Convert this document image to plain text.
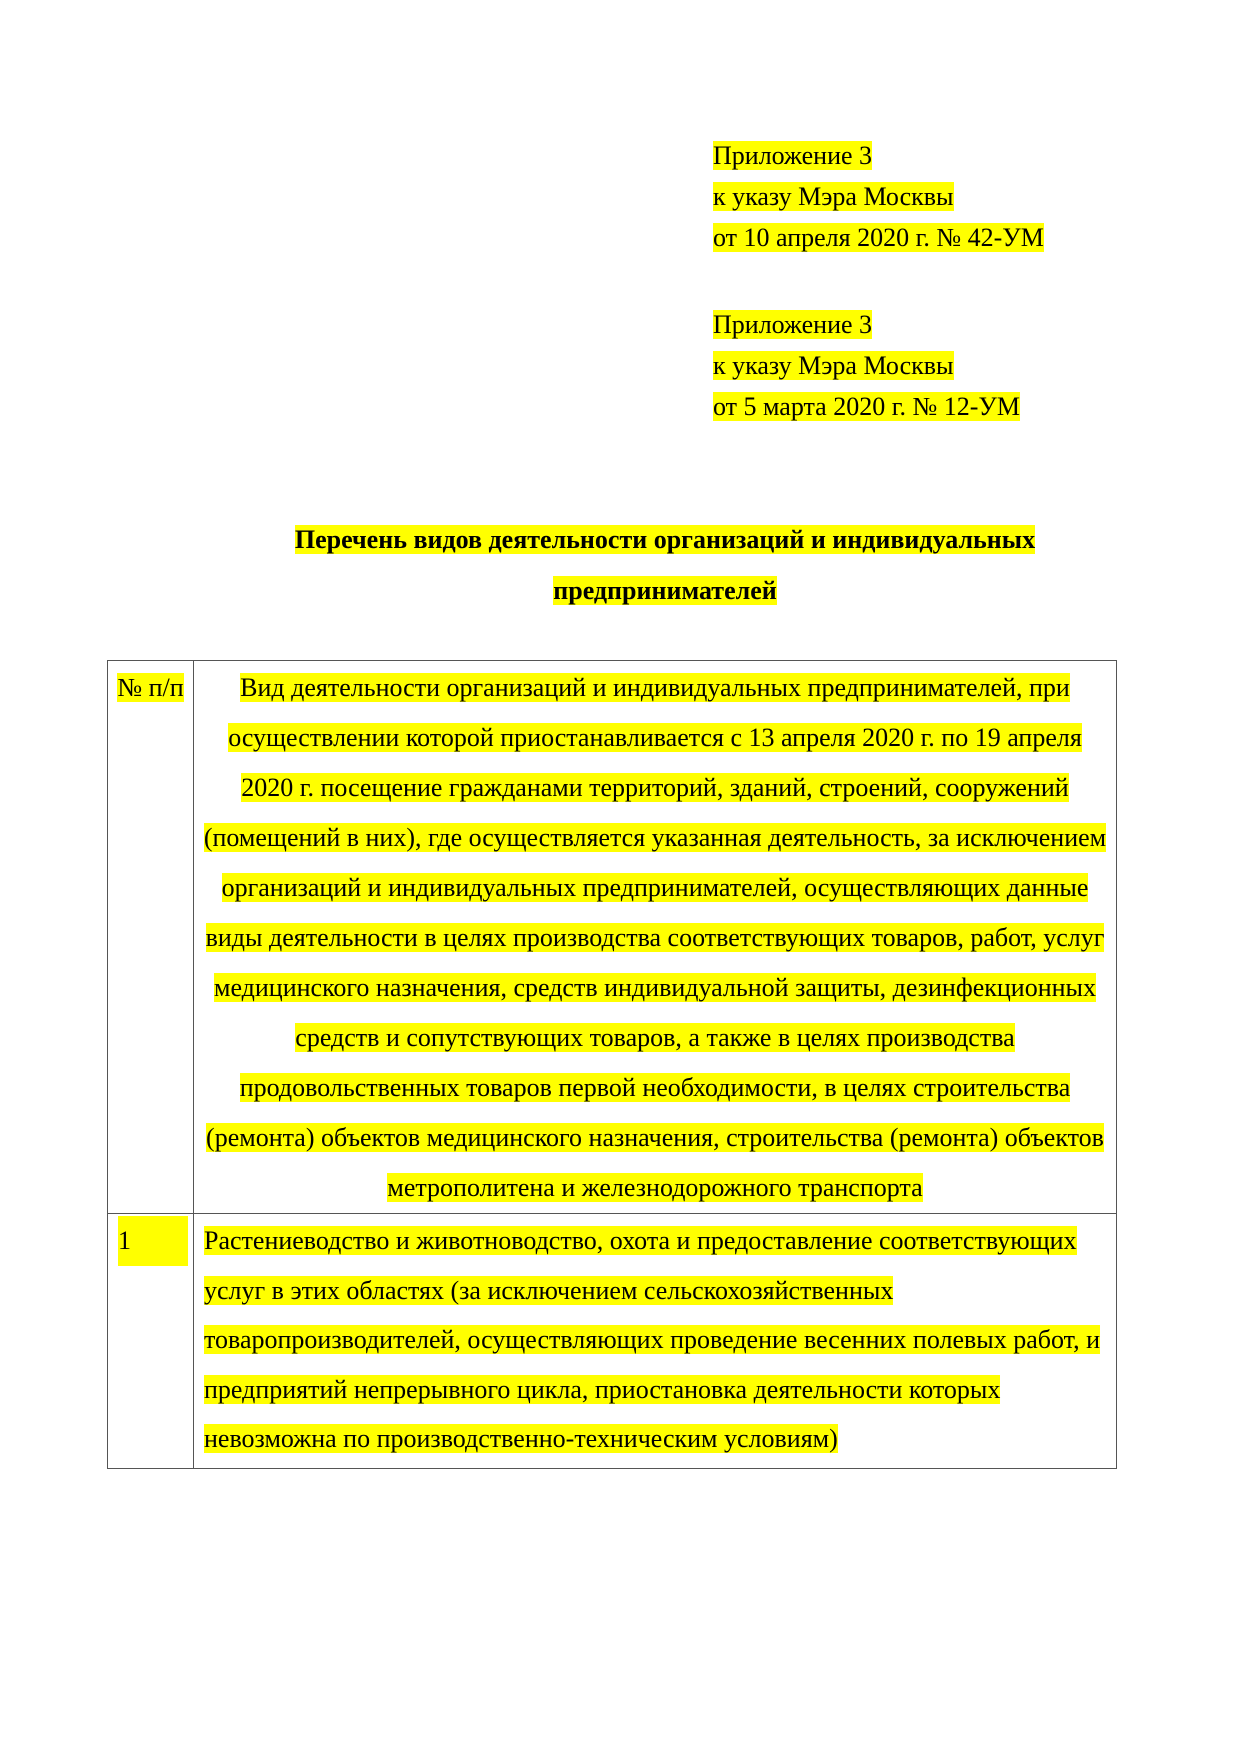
Приложение 3
к указу Мэра Москвы
от 10 апреля 2020 г. № 42-УМ
Приложение 3
к указу Мэра Москвы
от 5 марта 2020 г. № 12-УМ
Перечень видов деятельности организаций и индивидуальных предпринимателей
№ п/п	Вид деятельности организаций и индивидуальных предпринимателей, при осуществлении которой приостанавливается с 13 апреля 2020 г. по 19 апреля 2020 г. посещение гражданами территорий, зданий, строений, сооружений (помещений в них), где осуществляется указанная деятельность, за исключением организаций и индивидуальных предпринимателей, осуществляющих данные виды деятельности в целях производства соответствующих товаров, работ, услуг медицинского назначения, средств индивидуальной защиты, дезинфекционных средств и сопутствующих товаров, а также в целях производства продовольственных товаров первой необходимости, в целях строительства (ремонта) объектов медицинского назначения, строительства (ремонта) объектов метрополитена и железнодорожного транспорта
1	Растениеводство и животноводство, охота и предоставление соответствующих услуг в этих областях (за исключением сельскохозяйственных товаропроизводителей, осуществляющих проведение весенних полевых работ, и предприятий непрерывного цикла, приостановка деятельности которых невозможна по производственно-техническим условиям)
